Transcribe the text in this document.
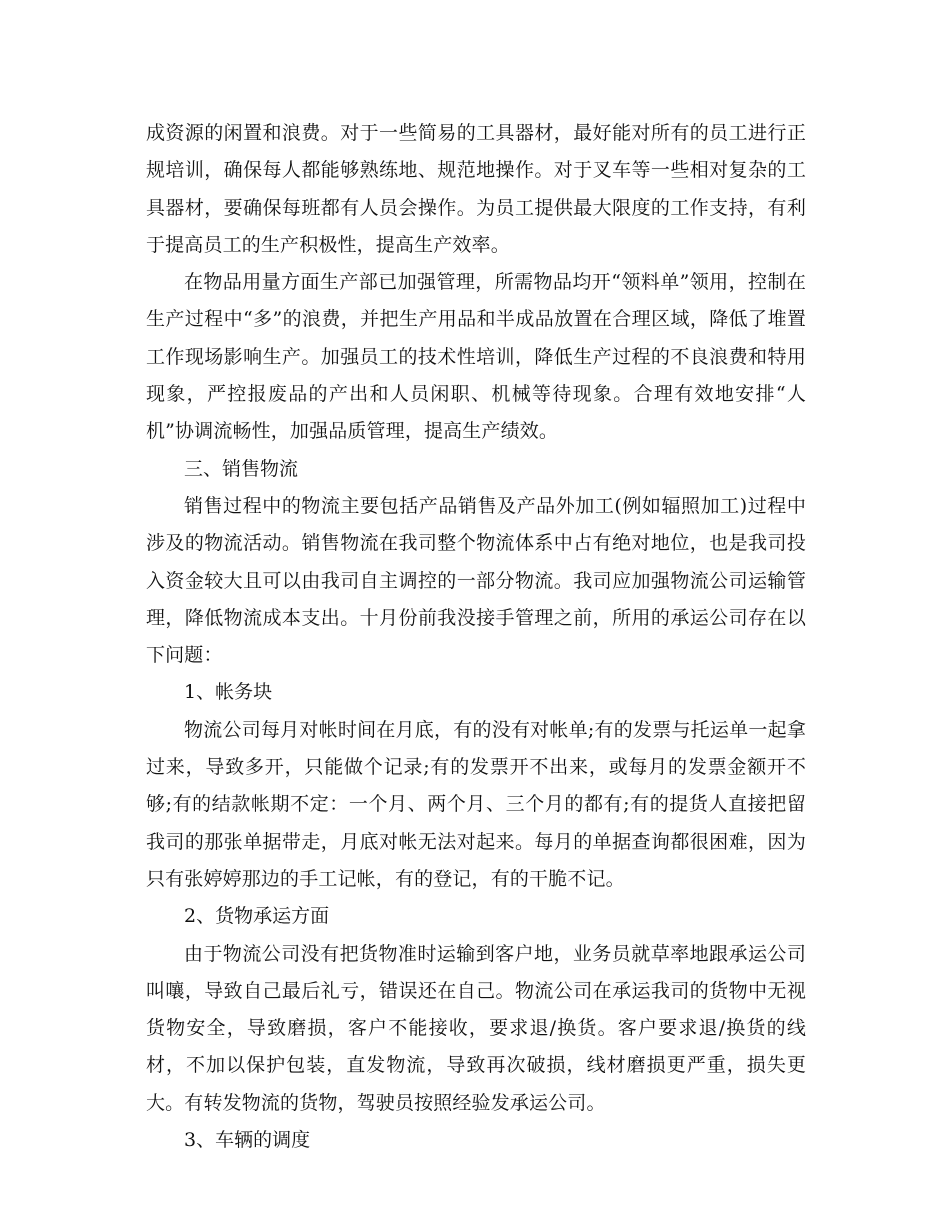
成资源的闲置和浪费。对于一些简易的工具器材，最好能对所有的员工进行正规培训，确保每人都能够熟练地、规范地操作。对于叉车等一些相对复杂的工具器材，要确保每班都有人员会操作。为员工提供最大限度的工作支持，有利于提高员工的生产积极性，提高生产效率。

在物品用量方面生产部已加强管理，所需物品均开“领料单”领用，控制在生产过程中“多”的浪费，并把生产用品和半成品放置在合理区域，降低了堆置工作现场影响生产。加强员工的技术性培训，降低生产过程的不良浪费和特用现象，严控报废品的产出和人员闲职、机械等待现象。合理有效地安排“人机”协调流畅性，加强品质管理，提高生产绩效。

三、销售物流

销售过程中的物流主要包括产品销售及产品外加工(例如辐照加工)过程中涉及的物流活动。销售物流在我司整个物流体系中占有绝对地位，也是我司投入资金较大且可以由我司自主调控的一部分物流。我司应加强物流公司运输管理，降低物流成本支出。十月份前我没接手管理之前，所用的承运公司存在以下问题：

1、帐务块

物流公司每月对帐时间在月底，有的没有对帐单;有的发票与托运单一起拿过来，导致多开，只能做个记录;有的发票开不出来，或每月的发票金额开不够;有的结款帐期不定：一个月、两个月、三个月的都有;有的提货人直接把留我司的那张单据带走，月底对帐无法对起来。每月的单据查询都很困难，因为只有张婷婷那边的手工记帐，有的登记，有的干脆不记。

2、货物承运方面

由于物流公司没有把货物准时运输到客户地，业务员就草率地跟承运公司叫嚷，导致自己最后礼亏，错误还在自己。物流公司在承运我司的货物中无视货物安全，导致磨损，客户不能接收，要求退/换货。客户要求退/换货的线材，不加以保护包装，直发物流，导致再次破损，线材磨损更严重，损失更大。有转发物流的货物，驾驶员按照经验发承运公司。

3、车辆的调度
